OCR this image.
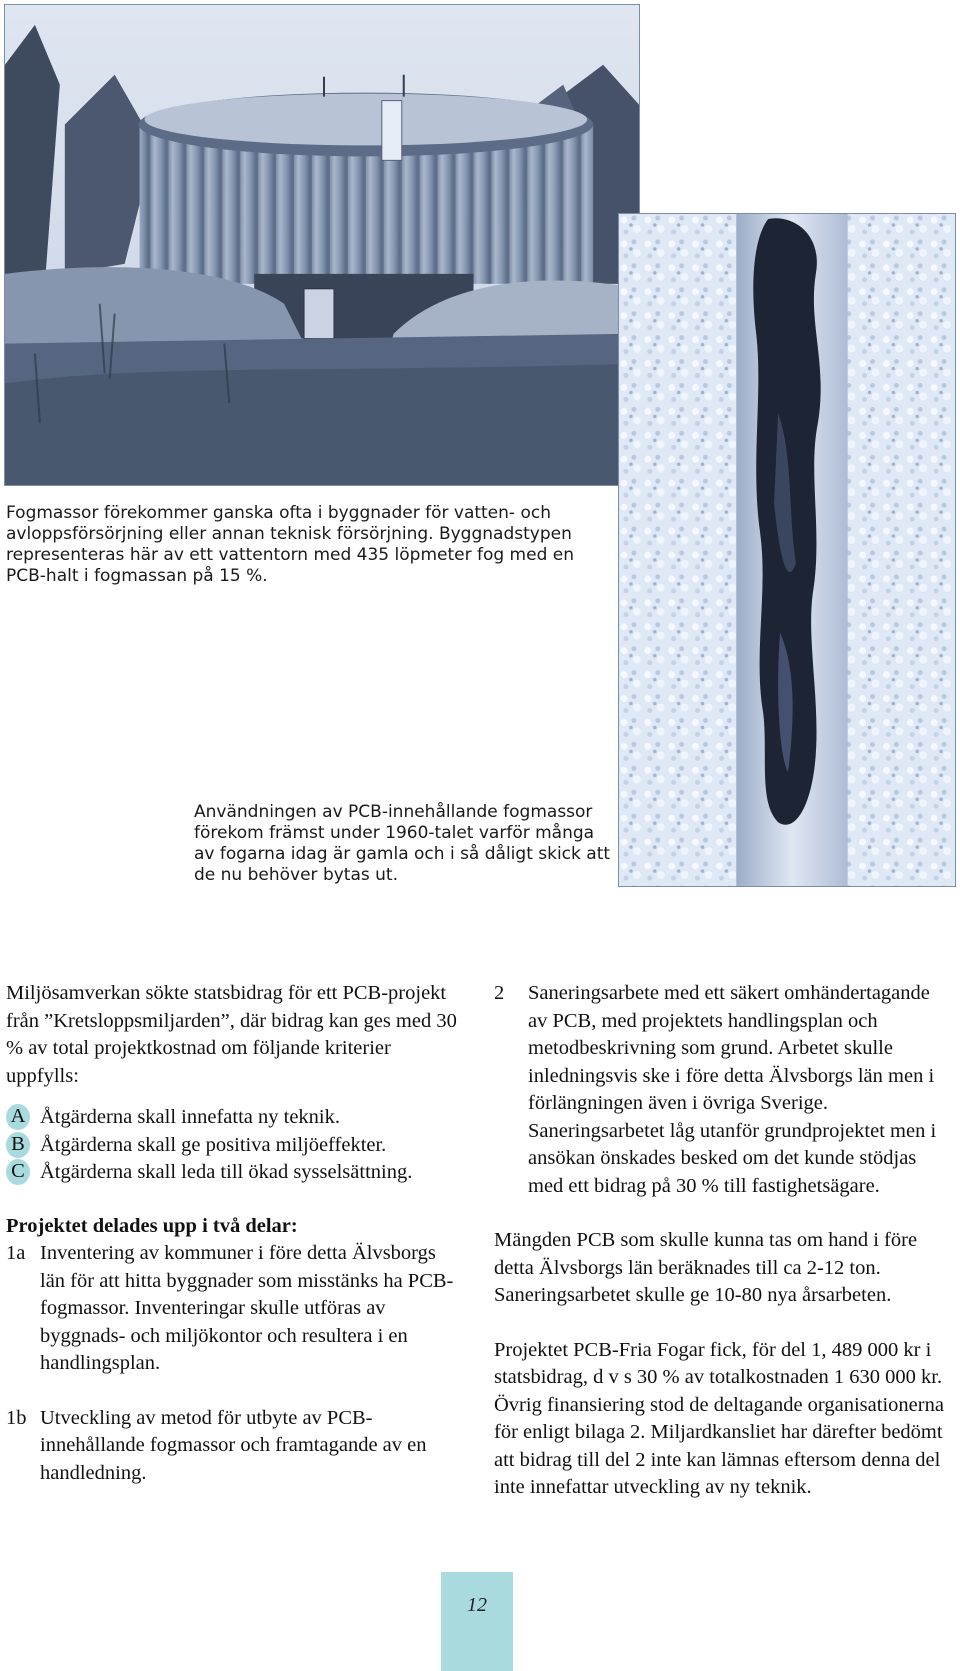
Fogmassor förekommer ganska ofta i byggnader för vatten- och avloppsförsörjning eller annan teknisk försörjning. Byggnadstypen representeras här av ett vattentorn med 435 löpmeter fog med en PCB-halt i fogmassan på 15 %.

Användningen av PCB-innehållande fogmassor förekom främst under 1960-talet varför många av fogarna idag är gamla och i så dåligt skick att de nu behöver bytas ut.

Miljösamverkan sökte statsbidrag för ett PCB-projekt från ”Kretsloppsmiljarden”, där bidrag kan ges med 30 % av total projektkostnad om följande kriterier uppfylls:

A Åtgärderna skall innefatta ny teknik.
B Åtgärderna skall ge positiva miljöeffekter.
C Åtgärderna skall leda till ökad sysselsättning.

Projektet delades upp i två delar:

1a Inventering av kommuner i före detta Älvsborgs län för att hitta byggnader som misstänks ha PCB-fogmassor. Inventeringar skulle utföras av byggnads- och miljökontor och resultera i en handlingsplan.
1b Utveckling av metod för utbyte av PCB-innehållande fogmassor och framtagande av en handledning.
2	Saneringsarbete med ett säkert omhändertagande av PCB, med projektets handlingsplan och metodbeskrivning som grund. Arbetet skulle inledningsvis ske i före detta Älvsborgs län men i förlängningen även i övriga Sverige. Saneringsarbetet låg utanför grundprojektet men i ansökan önskades besked om det kunde stödjas med ett bidrag på 30 % till fastighetsägare.

Mängden PCB som skulle kunna tas om hand i före detta Älvsborgs län beräknades till ca 2-12 ton. Saneringsarbetet skulle ge 10-80 nya årsarbeten.

Projektet PCB-Fria Fogar fick, för del 1, 489 000 kr i statsbidrag, d v s 30 % av totalkostnaden 1 630 000 kr. Övrig finansiering stod de deltagande organisationerna för enligt bilaga 2. Miljardkansliet har därefter bedömt att bidrag till del 2 inte kan lämnas eftersom denna del inte innefattar utveckling av ny teknik.

12
